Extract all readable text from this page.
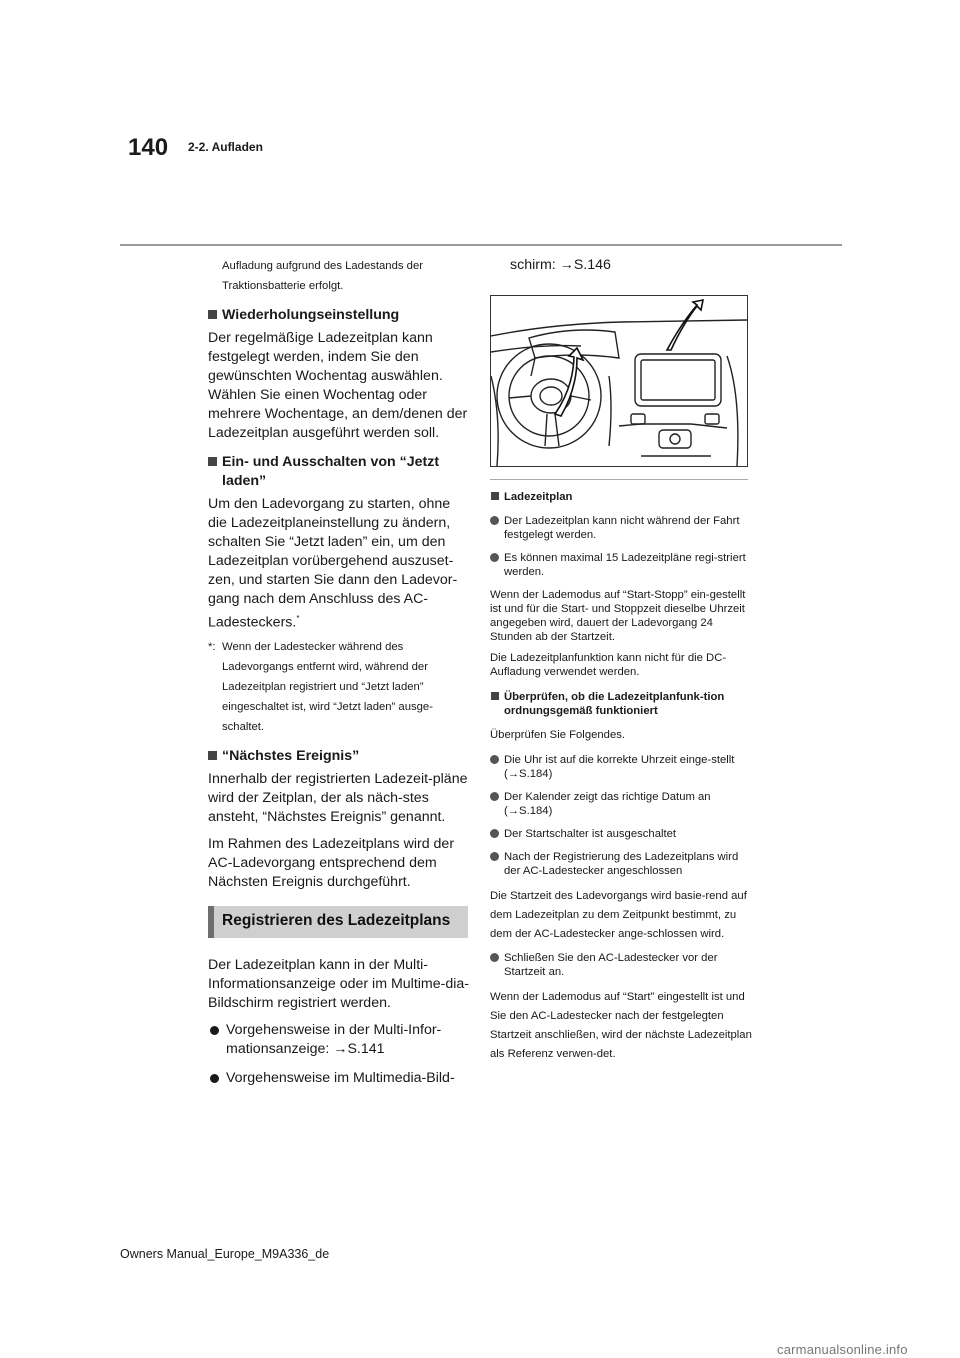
140 2-2. Aufladen

Aufladung aufgrund des Ladestands der

Traktionsbatterie erfolgt.

Wiederholungseinstellung

Der regelmäßige Ladezeitplan kann festgelegt werden, indem Sie den gewünschten Wochentag auswählen. Wählen Sie einen Wochentag oder mehrere Wochentage, an dem/denen der Ladezeitplan ausgeführt werden soll.

Ein- und Ausschalten von “Jetzt
laden”

Um den Ladevorgang zu starten, ohne die Ladezeitplaneinstellung zu ändern, schalten Sie “Jetzt laden” ein, um den Ladezeitplan vorübergehend auszuset-zen, und starten Sie dann den Ladevor-gang nach dem Anschluss des AC-Ladesteckers.*

*: Wenn der Ladestecker während des Ladevorgangs entfernt wird, während der Ladezeitplan registriert und “Jetzt laden” eingeschaltet ist, wird “Jetzt laden” ausge-schaltet.
“Nächstes Ereignis”

Innerhalb der registrierten Ladezeit-pläne wird der Zeitplan, der als näch-stes ansteht, “Nächstes Ereignis” genannt.

Im Rahmen des Ladezeitplans wird der AC-Ladevorgang entsprechend dem Nächsten Ereignis durchgeführt.

Registrieren des Ladezeitplans

Der Ladezeitplan kann in der Multi-Informationsanzeige oder im Multime-dia-Bildschirm registriert werden.

Vorgehensweise in der Multi-Infor-mationsanzeige: →S.141
Vorgehensweise im Multimedia-Bild-

schirm: →S.146

Ladezeitplan
Der Ladezeitplan kann nicht während der Fahrt festgelegt werden.
Es können maximal 15 Ladezeitpläne regi-striert werden.

Wenn der Lademodus auf “Start-Stopp” ein-gestellt ist und für die Start- und Stoppzeit dieselbe Uhrzeit angegeben wird, dauert der Ladevorgang 24 Stunden ab der Startzeit.

Die Ladezeitplanfunktion kann nicht für die DC-Aufladung verwendet werden.

Überprüfen, ob die Ladezeitplanfunk-tion ordnungsgemäß funktioniert

Überprüfen Sie Folgendes.

Die Uhr ist auf die korrekte Uhrzeit einge-stellt (→S.184)
Der Kalender zeigt das richtige Datum an (→S.184)
Der Startschalter ist ausgeschaltet
Nach der Registrierung des Ladezeitplans wird der AC-Ladestecker angeschlossen

Die Startzeit des Ladevorgangs wird basie-rend auf dem Ladezeitplan zu dem Zeitpunkt bestimmt, zu dem der AC-Ladestecker ange-schlossen wird.

Schließen Sie den AC-Ladestecker vor der Startzeit an.

Wenn der Lademodus auf “Start” eingestellt ist und Sie den AC-Ladestecker nach der festgelegten Startzeit anschließen, wird der nächste Ladezeitplan als Referenz verwen-det.

Owners Manual_Europe_M9A336_de
carmanualsonline.info
